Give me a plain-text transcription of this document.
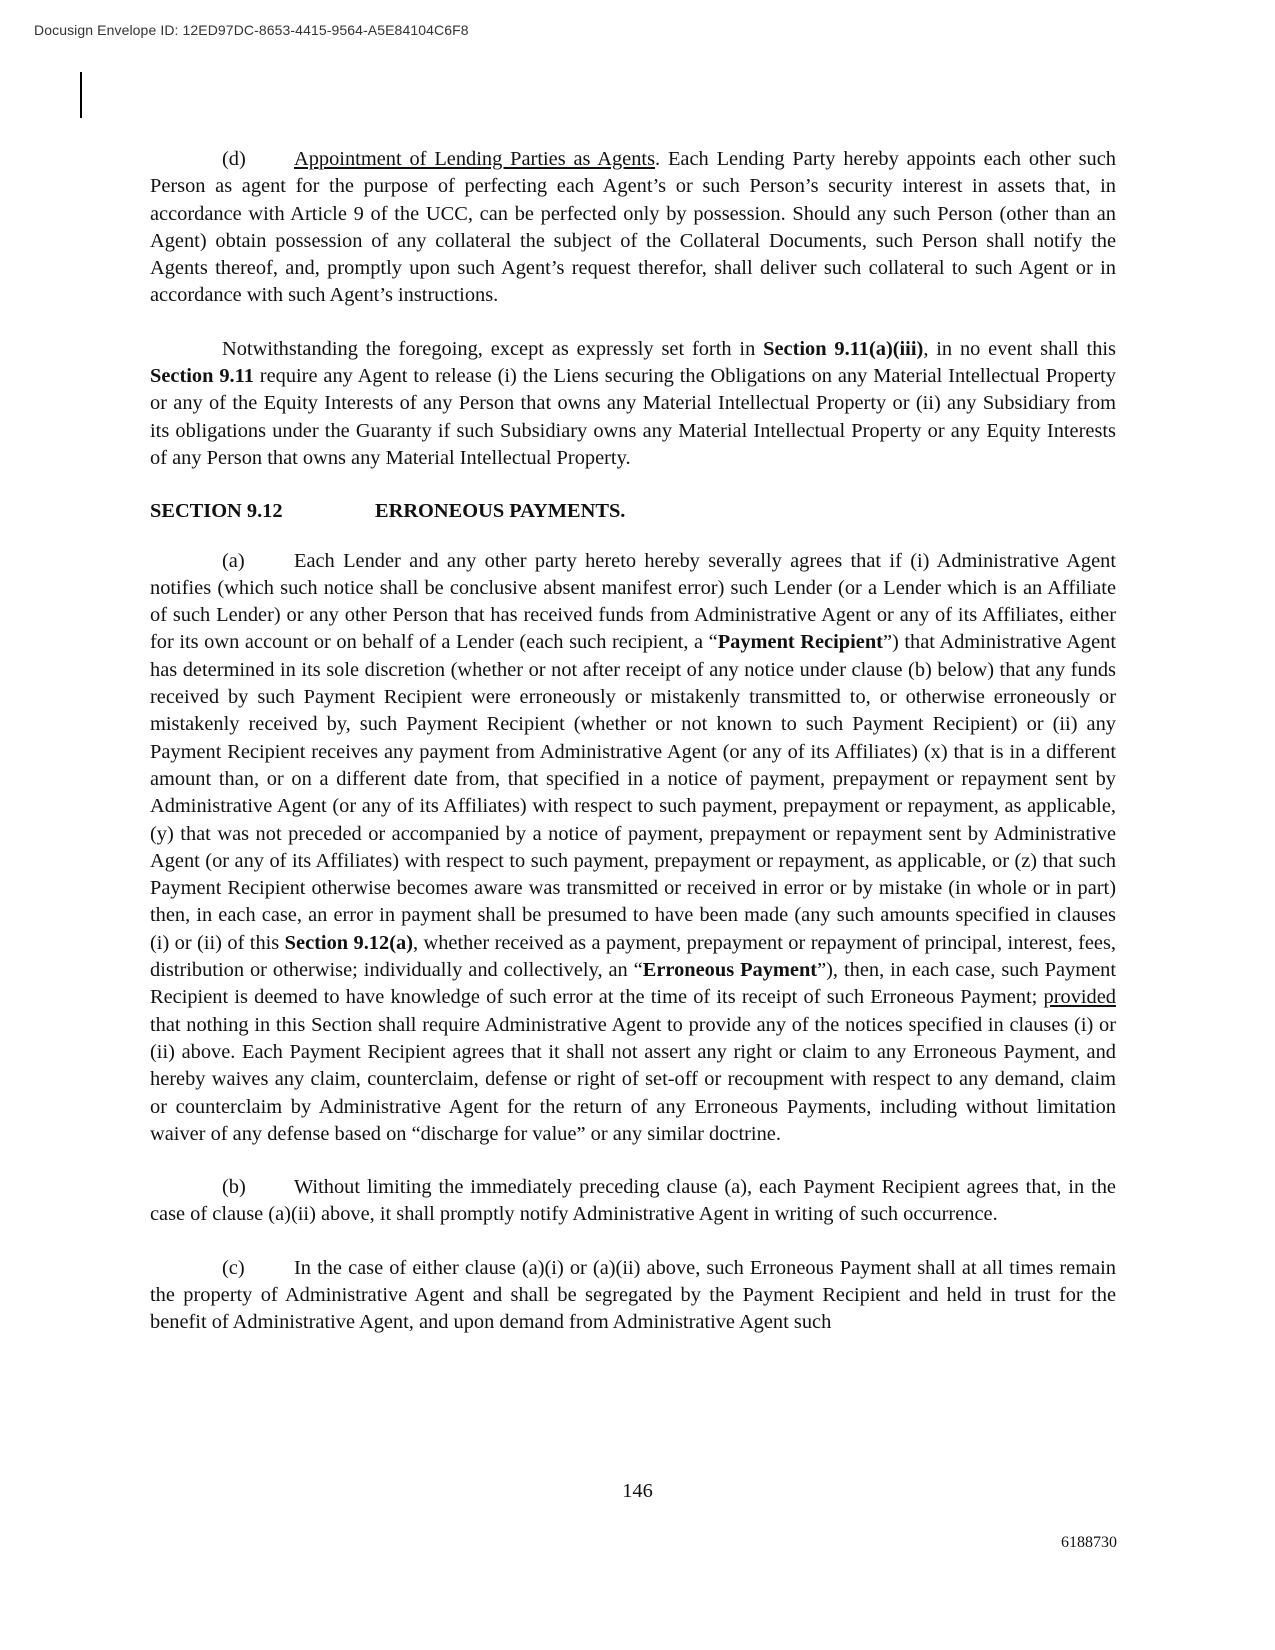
Docusign Envelope ID: 12ED97DC-8653-4415-9564-A5E84104C6F8

(d) Appointment of Lending Parties as Agents. Each Lending Party hereby appoints each other such Person as agent for the purpose of perfecting each Agent’s or such Person’s security interest in assets that, in accordance with Article 9 of the UCC, can be perfected only by possession. Should any such Person (other than an Agent) obtain possession of any collateral the subject of the Collateral Documents, such Person shall notify the Agents thereof, and, promptly upon such Agent’s request therefor, shall deliver such collateral to such Agent or in accordance with such Agent’s instructions.

Notwithstanding the foregoing, except as expressly set forth in Section 9.11(a)(iii), in no event shall this Section 9.11 require any Agent to release (i) the Liens securing the Obligations on any Material Intellectual Property or any of the Equity Interests of any Person that owns any Material Intellectual Property or (ii) any Subsidiary from its obligations under the Guaranty if such Subsidiary owns any Material Intellectual Property or any Equity Interests of any Person that owns any Material Intellectual Property.

SECTION 9.12	ERRONEOUS PAYMENTS.

(a) Each Lender and any other party hereto hereby severally agrees that if (i) Administrative Agent notifies (which such notice shall be conclusive absent manifest error) such Lender (or a Lender which is an Affiliate of such Lender) or any other Person that has received funds from Administrative Agent or any of its Affiliates, either for its own account or on behalf of a Lender (each such recipient, a “Payment Recipient”) that Administrative Agent has determined in its sole discretion (whether or not after receipt of any notice under clause (b) below) that any funds received by such Payment Recipient were erroneously or mistakenly transmitted to, or otherwise erroneously or mistakenly received by, such Payment Recipient (whether or not known to such Payment Recipient) or (ii) any Payment Recipient receives any payment from Administrative Agent (or any of its Affiliates) (x) that is in a different amount than, or on a different date from, that specified in a notice of payment, prepayment or repayment sent by Administrative Agent (or any of its Affiliates) with respect to such payment, prepayment or repayment, as applicable, (y) that was not preceded or accompanied by a notice of payment, prepayment or repayment sent by Administrative Agent (or any of its Affiliates) with respect to such payment, prepayment or repayment, as applicable, or (z) that such Payment Recipient otherwise becomes aware was transmitted or received in error or by mistake (in whole or in part) then, in each case, an error in payment shall be presumed to have been made (any such amounts specified in clauses (i) or (ii) of this Section 9.12(a), whether received as a payment, prepayment or repayment of principal, interest, fees, distribution or otherwise; individually and collectively, an “Erroneous Payment”), then, in each case, such Payment Recipient is deemed to have knowledge of such error at the time of its receipt of such Erroneous Payment; provided that nothing in this Section shall require Administrative Agent to provide any of the notices specified in clauses (i) or (ii) above. Each Payment Recipient agrees that it shall not assert any right or claim to any Erroneous Payment, and hereby waives any claim, counterclaim, defense or right of set-off or recoupment with respect to any demand, claim or counterclaim by Administrative Agent for the return of any Erroneous Payments, including without limitation waiver of any defense based on “discharge for value” or any similar doctrine.

(b) Without limiting the immediately preceding clause (a), each Payment Recipient agrees that, in the case of clause (a)(ii) above, it shall promptly notify Administrative Agent in writing of such occurrence.

(c) In the case of either clause (a)(i) or (a)(ii) above, such Erroneous Payment shall at all times remain the property of Administrative Agent and shall be segregated by the Payment Recipient and held in trust for the benefit of Administrative Agent, and upon demand from Administrative Agent such

146
6188730
